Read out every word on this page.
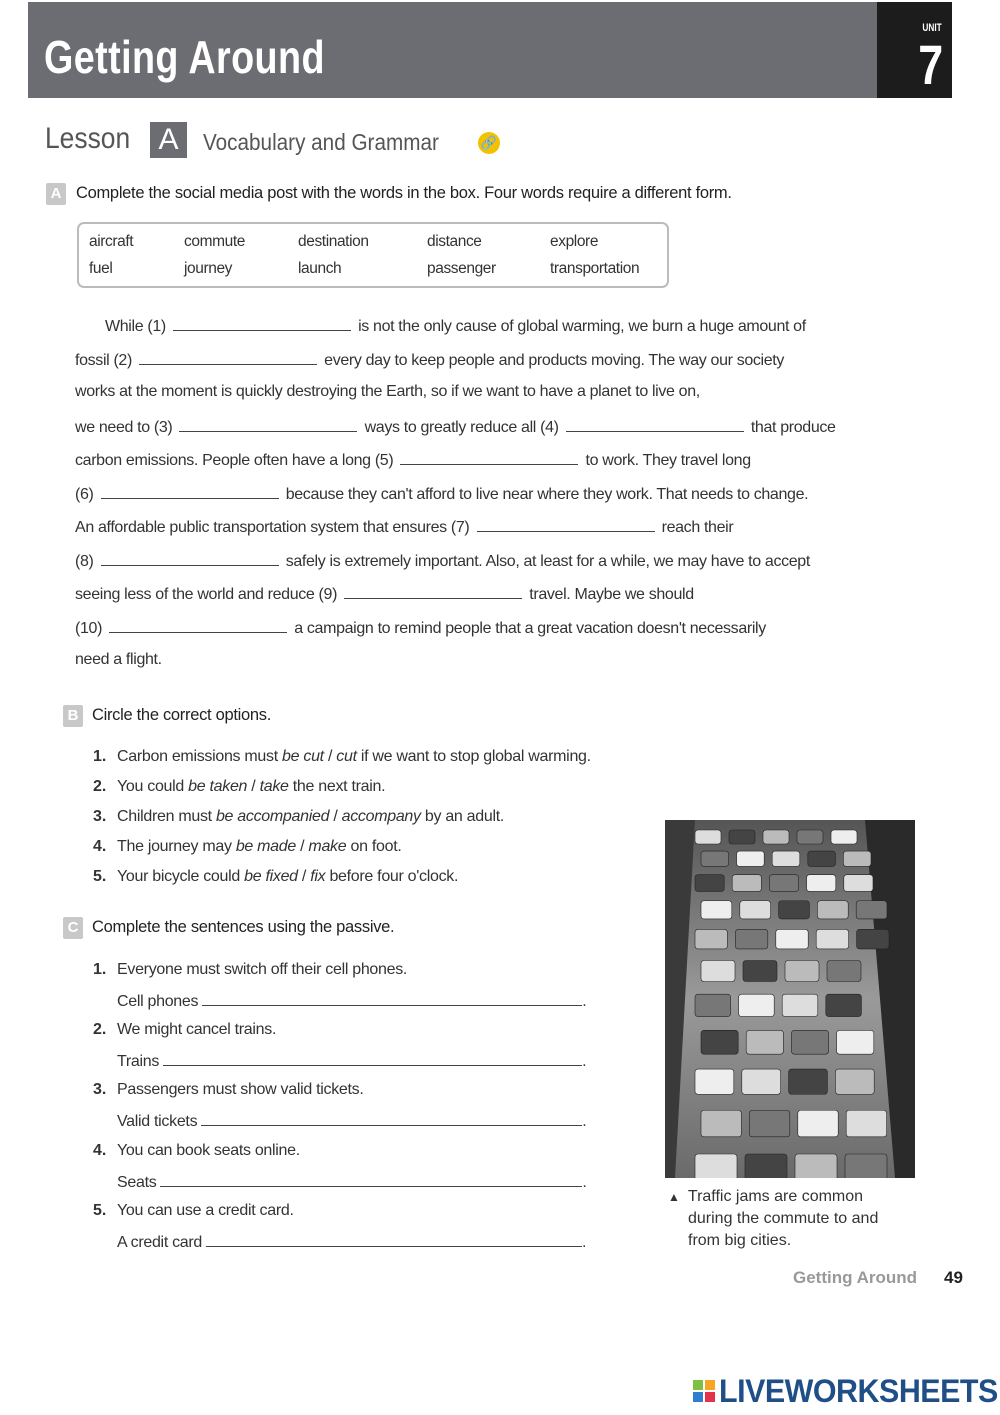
Getting Around
UNIT
7
Lesson A	Vocabulary and Grammar	🔗
A Complete the social media post with the words in the box. Four words require a different form.
aircraft	commute	destination	distance	explore
fuel	journey	launch	passenger	transportation
While (1)	is not the only cause of global warming, we burn a huge amount of
fossil (2)	every day to keep people and products moving. The way our society
works at the moment is quickly destroying the Earth, so if we want to have a planet to live on,
we need to (3)	ways to greatly reduce all (4)	that produce
carbon emissions. People often have a long (5)	to work. They travel long
(6)	because they can't afford to live near where they work. That needs to change.
An affordable public transportation system that ensures (7)	reach their
(8)	safely is extremely important. Also, at least for a while, we may have to accept
seeing less of the world and reduce (9)	travel. Maybe we should
(10)	a campaign to remind people that a great vacation doesn't necessarily
need a flight.
B Circle the correct options.
1. Carbon emissions must be cut / cut if we want to stop global warming.
2. You could be taken / take the next train.
3. Children must be accompanied / accompany by an adult.
4. The journey may be made / make on foot.
5. Your bicycle could be fixed / fix before four o'clock.
C Complete the sentences using the passive.
1. Everyone must switch off their cell phones.
Cell phones	.
2. We might cancel trains.
Trains	.
3. Passengers must show valid tickets.
Valid tickets	.
4. You can book seats online.
Seats	.
5. You can use a credit card.
A credit card	.
▲ Traffic jams are common
during the commute to and
from big cities.
Getting Around 49
LIVEWORKSHEETS
